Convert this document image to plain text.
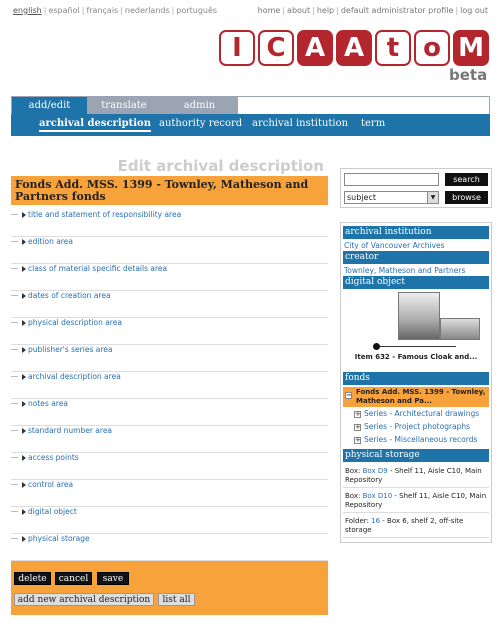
english | español | français | nederlands | português	home | about | help | default administrator profile | log out
I C A A t o M
beta
add/edit	translate	admin
archival description authority record archival institution term
Edit archival description
Fonds Add. MSS. 1399 - Townley, Matheson and Partners fonds
title and statement of responsibility area
edition area
class of material specific details area
dates of creation area
physical description area
publisher's series area
archival description area
notes area
standard number area
access points
control area
digital object
physical storage
delete	cancel	save
add new archival description	list all
search
subject	▼	browse
archival institution
City of Vancouver Archives
creator
Townley, Matheson and Partners
digital object
Item 632 - Famous Cloak and...
fonds
− Fonds Add. MSS. 1399 - Townley, Matheson and Pa...
+ Series - Architectural drawings
+ Series - Project photographs
+ Series - Miscellaneous records
physical storage
Box: Box D9 - Shelf 11, Aisle C10, Main Repository
Box: Box D10 - Shelf 11, Aisle C10, Main Repository
Folder: 16 - Box 6, shelf 2, off-site storage
